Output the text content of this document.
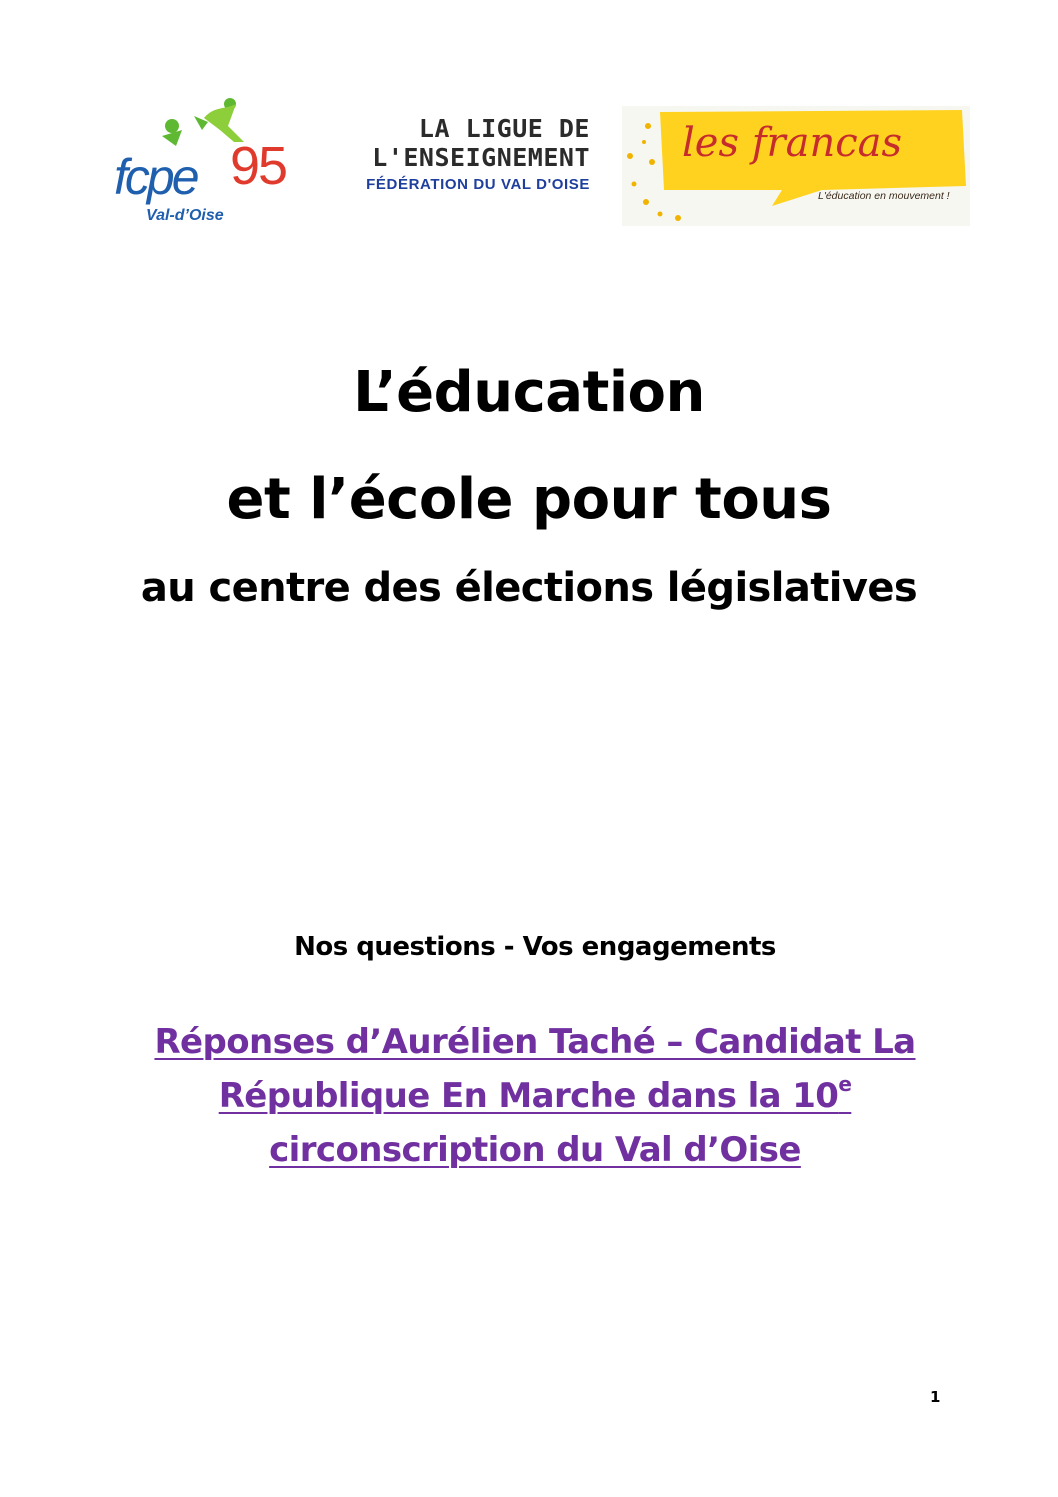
fcpe 95
Val-d’Oise
LA LIGUE DE
L'ENSEIGNEMENT
FÉDÉRATION DU VAL D'OISE
les francas
L'éducation en mouvement !
L’éducation
et l’école pour tous
au centre des élections législatives
Nos questions - Vos engagements
Réponses d’Aurélien Taché – Candidat La
République En Marche dans la 10e
circonscription du Val d’Oise
1
